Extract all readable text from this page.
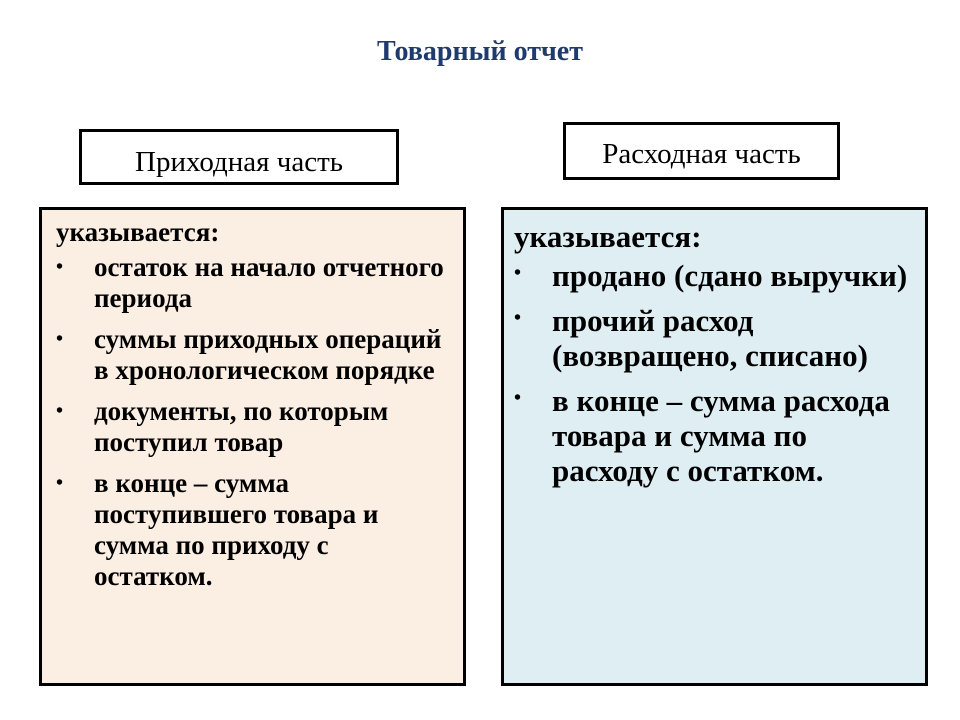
Товарный отчет
Приходная часть	Расходная часть
указывается:
•	остаток на начало отчетного периода
•	суммы приходных операций в хронологическом порядке
•	документы, по которым поступил товар
•	в конце – сумма поступившего товара и сумма по приходу с остатком.
указывается:
• продано (сдано выручки)
• прочий расход (возвращено, списано)
• в конце – сумма расхода товара и сумма по расходу с остатком.
